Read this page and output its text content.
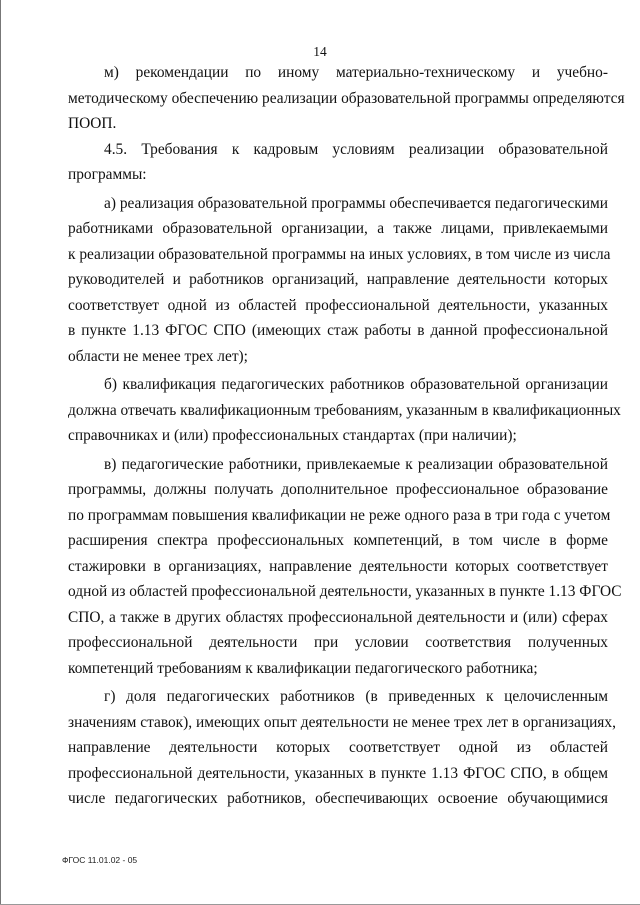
14
м) рекомендации по иному материально-техническому и учебно-
методическому обеспечению реализации образовательной программы определяются
ПООП.
4.5. Требования к кадровым условиям реализации образовательной
программы:
а) реализация образовательной программы обеспечивается педагогическими
работниками образовательной организации, а также лицами, привлекаемыми
к реализации образовательной программы на иных условиях, в том числе из числа
руководителей и работников организаций, направление деятельности которых
соответствует одной из областей профессиональной деятельности, указанных
в пункте 1.13 ФГОС СПО (имеющих стаж работы в данной профессиональной
области не менее трех лет);
б) квалификация педагогических работников образовательной организации
должна отвечать квалификационным требованиям, указанным в квалификационных
справочниках и (или) профессиональных стандартах (при наличии);
в) педагогические работники, привлекаемые к реализации образовательной
программы, должны получать дополнительное профессиональное образование
по программам повышения квалификации не реже одного раза в три года с учетом
расширения спектра профессиональных компетенций, в том числе в форме
стажировки в организациях, направление деятельности которых соответствует
одной из областей профессиональной деятельности, указанных в пункте 1.13 ФГОС
СПО, а также в других областях профессиональной деятельности и (или) сферах
профессиональной деятельности при условии соответствия полученных
компетенций требованиям к квалификации педагогического работника;
г) доля педагогических работников (в приведенных к целочисленным
значениям ставок), имеющих опыт деятельности не менее трех лет в организациях,
направление деятельности которых соответствует одной из областей
профессиональной деятельности, указанных в пункте 1.13 ФГОС СПО, в общем
числе педагогических работников, обеспечивающих освоение обучающимися
ФГОС 11.01.02 - 05
